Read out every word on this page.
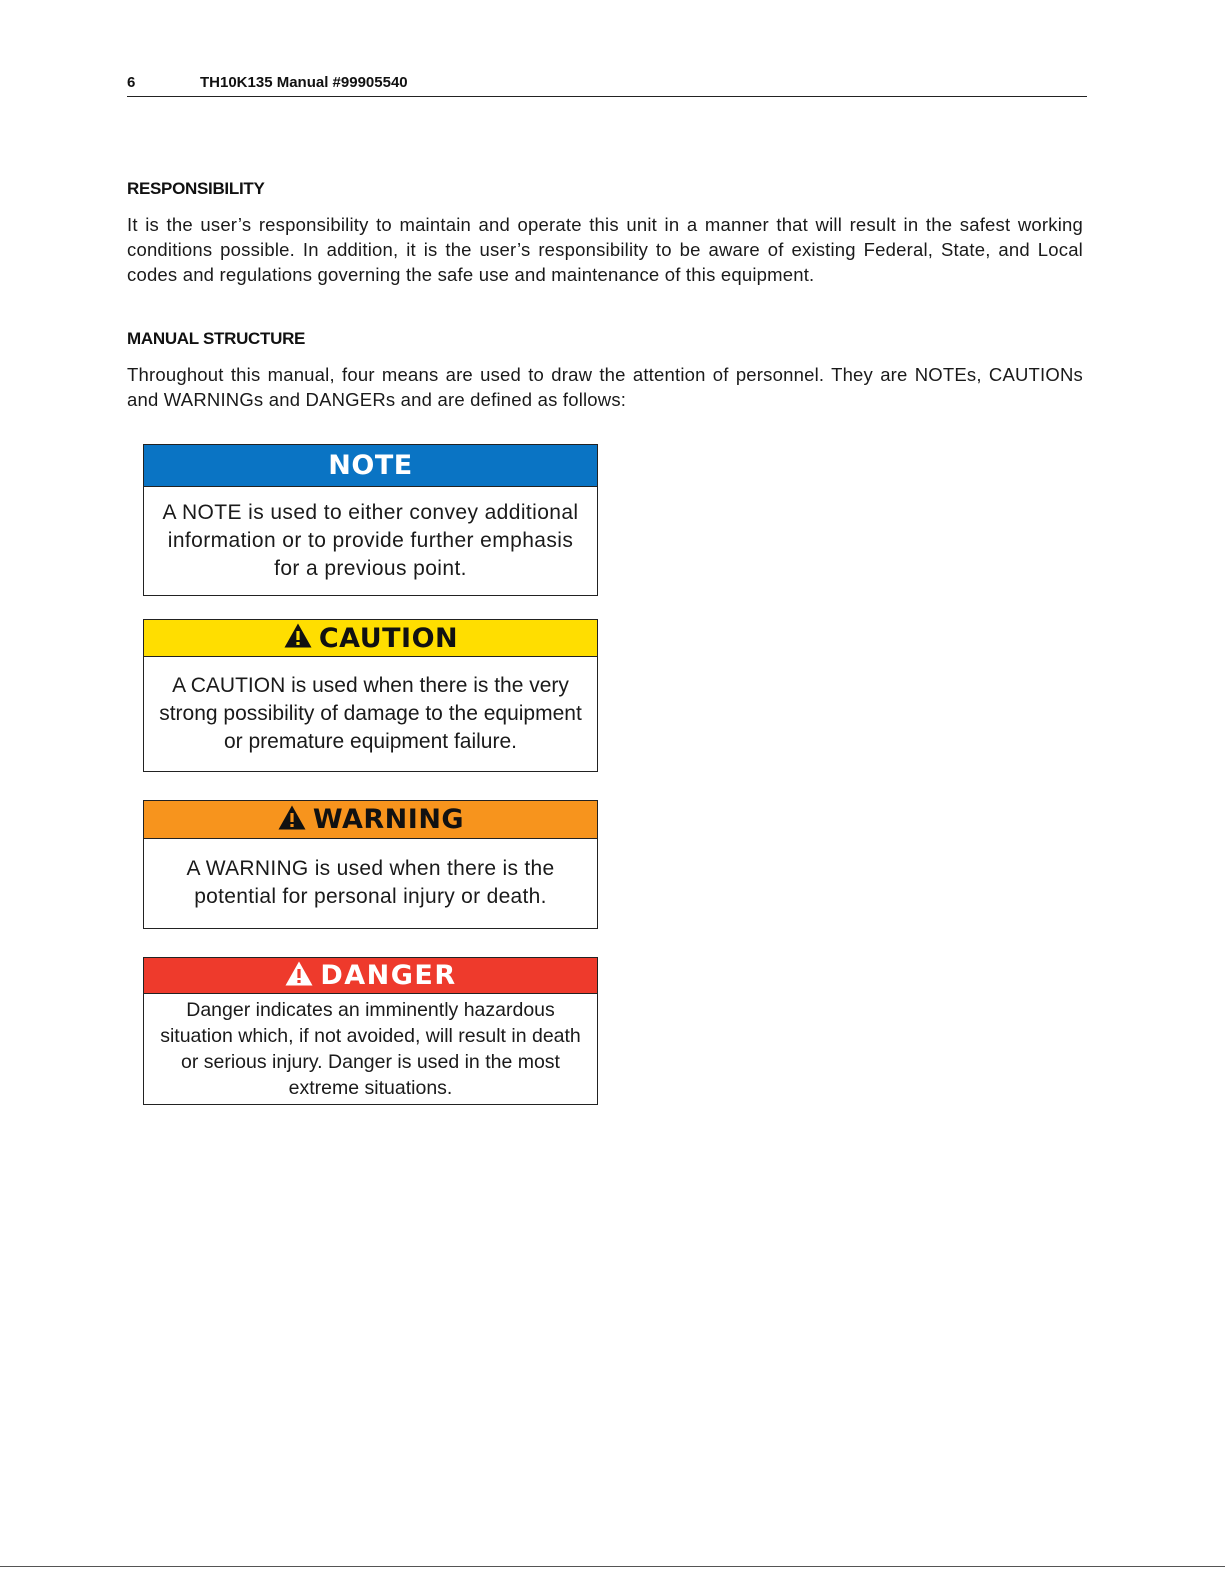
6	TH10K135 Manual #99905540
RESPONSIBILITY
It is the user’s responsibility to maintain and operate this unit in a manner that will result in the safest working conditions possible. In addition, it is the user’s responsibility to be aware of existing Federal, State, and Local codes and regulations governing the safe use and maintenance of this equipment.
MANUAL STRUCTURE
Throughout this manual, four means are used to draw the attention of personnel. They are NOTEs, CAUTIONs and WARNINGs and DANGERs and are defined as follows:
NOTE
A NOTE is used to either convey additional information or to provide further emphasis for a previous point.
CAUTION
A CAUTION is used when there is the very strong possibility of damage to the equipment or premature equipment failure.
WARNING
A WARNING is used when there is the potential for personal injury or death.
DANGER
Danger indicates an imminently hazardous situation which, if not avoided, will result in death or serious injury. Danger is used in the most extreme situations.
